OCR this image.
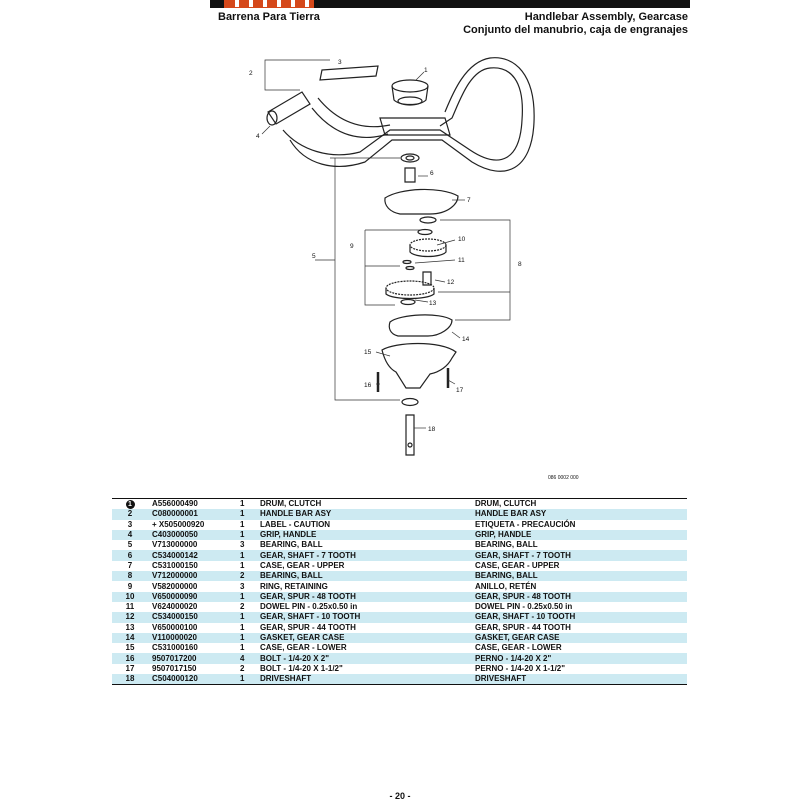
Barrena Para Tierra	Handlebar Assembly, Gearcase
Conjunto del manubrio, caja de engranajes
1
2
3
4
5
6
7
8
9
10
11
12
13
14
15
16
17
18
086 0002 000
1	A556000490	1	DRUM, CLUTCH	DRUM, CLUTCH
2	C080000001	1	HANDLE BAR ASY	HANDLE BAR ASY
3	+ X505000920	1	LABEL - CAUTION	ETIQUETA - PRECAUCIÓN
4	C403000050	1	GRIP, HANDLE	GRIP, HANDLE
5	V713000000	3	BEARING, BALL	BEARING, BALL
6	C534000142	1	GEAR, SHAFT - 7 TOOTH	GEAR, SHAFT - 7 TOOTH
7	C531000150	1	CASE, GEAR - UPPER	CASE, GEAR - UPPER
8	V712000000	2	BEARING, BALL	BEARING, BALL
9	V582000000	3	RING, RETAINING	ANILLO, RETÉN
10	V650000090	1	GEAR, SPUR - 48 TOOTH	GEAR, SPUR - 48 TOOTH
11	V624000020	2	DOWEL PIN - 0.25x0.50 in	DOWEL PIN - 0.25x0.50 in
12	C534000150	1	GEAR, SHAFT - 10 TOOTH	GEAR, SHAFT - 10 TOOTH
13	V650000100	1	GEAR, SPUR - 44 TOOTH	GEAR, SPUR - 44 TOOTH
14	V110000020	1	GASKET, GEAR CASE	GASKET, GEAR CASE
15	C531000160	1	CASE, GEAR - LOWER	CASE, GEAR - LOWER
16	9507017200	4	BOLT - 1/4-20 X 2"	PERNO - 1/4-20 X 2"
17	9507017150	2	BOLT - 1/4-20 X 1-1/2"	PERNO - 1/4-20 X 1-1/2"
18	C504000120	1	DRIVESHAFT	DRIVESHAFT
- 20 -
